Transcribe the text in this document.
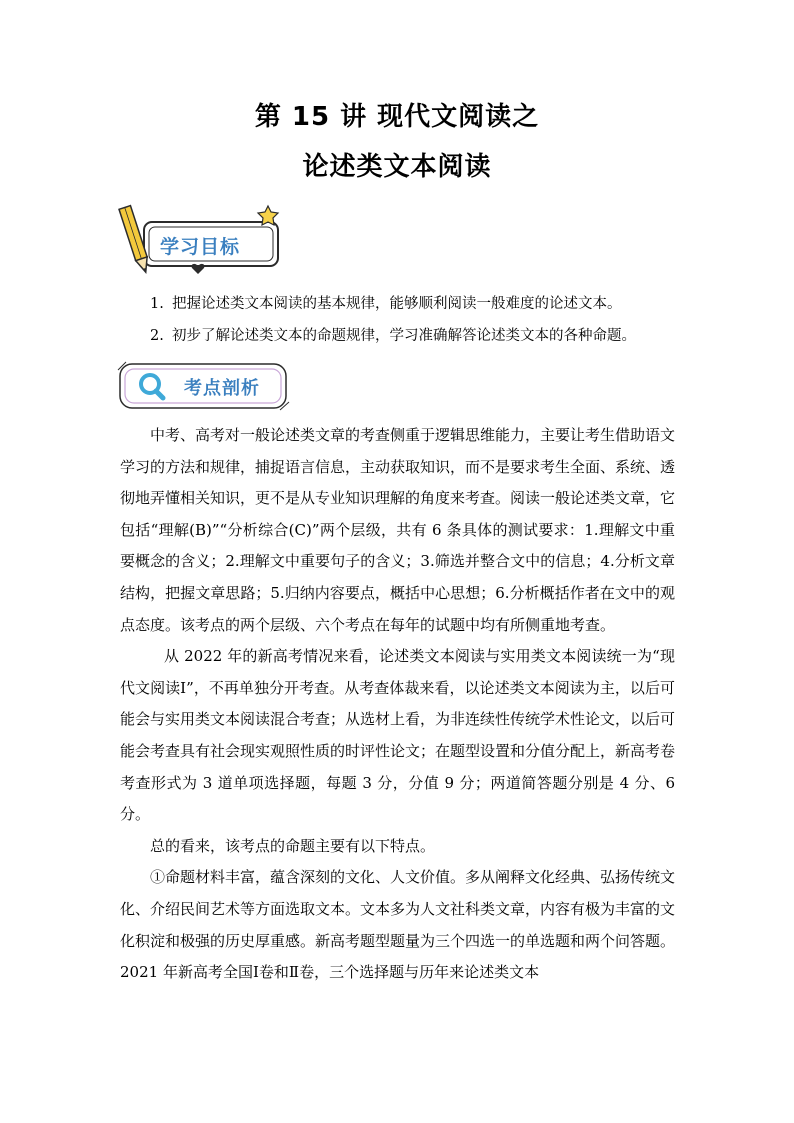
第 15 讲 现代文阅读之
论述类文本阅读
学习目标
1. 把握论述类文本阅读的基本规律，能够顺利阅读一般难度的论述文本。
2. 初步了解论述类文本的命题规律，学习准确解答论述类文本的各种命题。
考点剖析

中考、高考对一般论述类文章的考查侧重于逻辑思维能力，主要让考生借助语文学习的方法和规律，捕捉语言信息，主动获取知识，而不是要求考生全面、系统、透彻地弄懂相关知识，更不是从专业知识理解的角度来考查。阅读一般论述类文章，它包括“理解(B)”“分析综合(C)”两个层级，共有 6 条具体的测试要求：1.理解文中重要概念的含义；2.理解文中重要句子的含义；3.筛选并整合文中的信息；4.分析文章结构，把握文章思路；5.归纳内容要点，概括中心思想；6.分析概括作者在文中的观点态度。该考点的两个层级、六个考点在每年的试题中均有所侧重地考查。

从 2022 年的新高考情况来看，论述类文本阅读与实用类文本阅读统一为“现代文阅读Ⅰ”，不再单独分开考查。从考查体裁来看，以论述类文本阅读为主，以后可能会与实用类文本阅读混合考查；从选材上看，为非连续性传统学术性论文，以后可能会考查具有社会现实观照性质的时评性论文；在题型设置和分值分配上，新高考卷考查形式为 3 道单项选择题，每题 3 分，分值 9 分；两道简答题分别是 4 分、6 分。

总的看来，该考点的命题主要有以下特点。

①命题材料丰富，蕴含深刻的文化、人文价值。多从阐释文化经典、弘扬传统文化、介绍民间艺术等方面选取文本。文本多为人文社科类文章，内容有极为丰富的文化积淀和极强的历史厚重感。新高考题型题量为三个四选一的单选题和两个问答题。2021 年新高考全国Ⅰ卷和Ⅱ卷，三个选择题与历年来论述类文本
